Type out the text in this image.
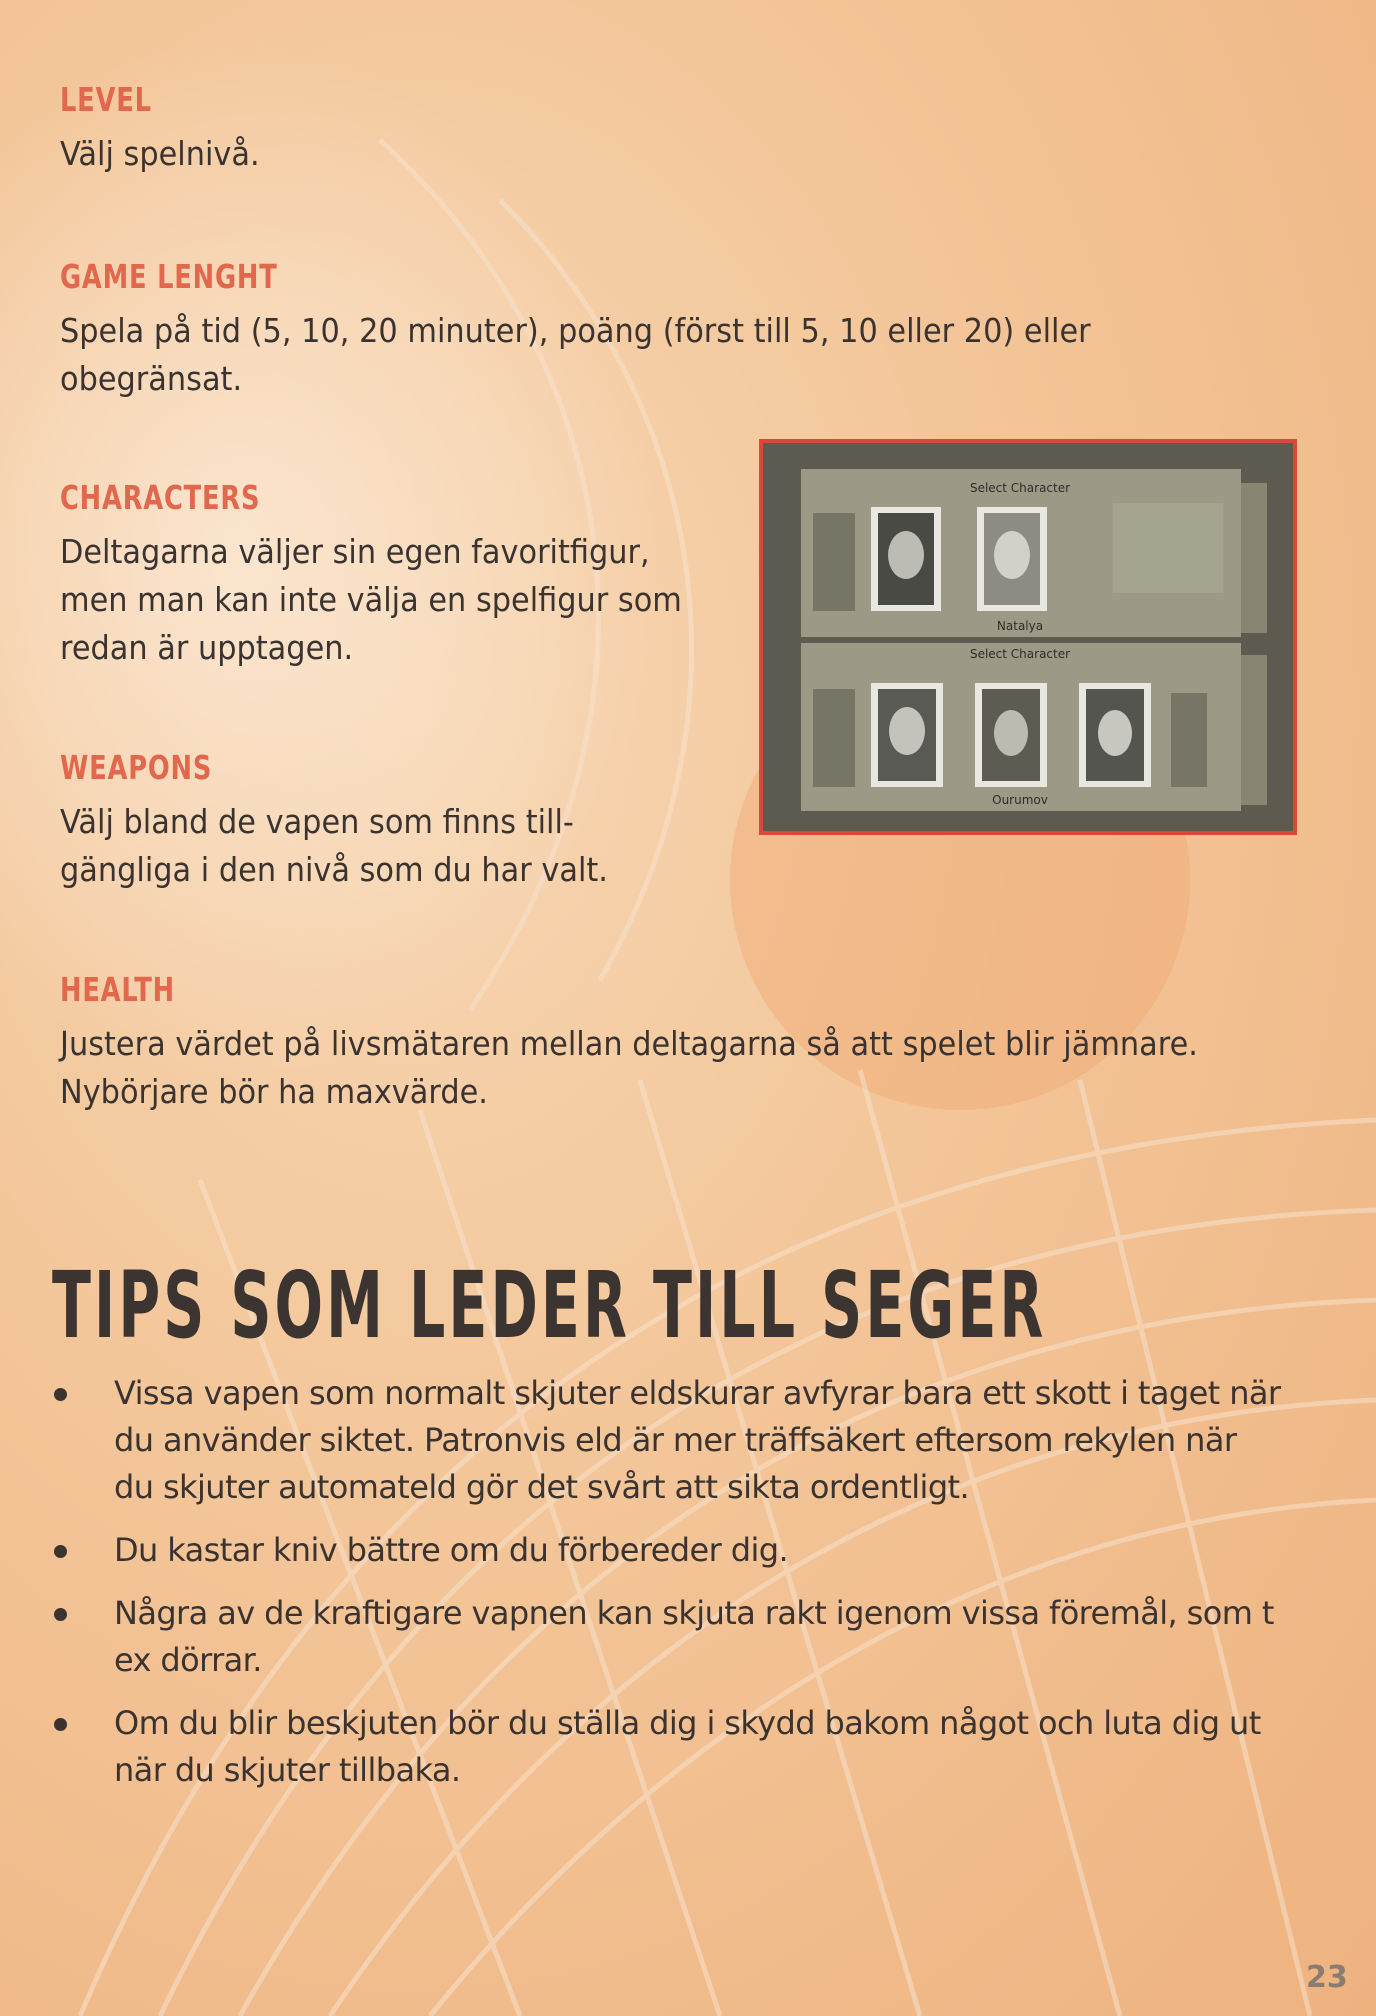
LEVEL
Välj spelnivå.
GAME LENGHT
Spela på tid (5, 10, 20 minuter), poäng (först till 5, 10 eller 20) eller obegränsat.
CHARACTERS
Deltagarna väljer sin egen favoritfigur, men man kan inte välja en spelfigur som redan är upptagen.
WEAPONS
Välj bland de vapen som finns till-gängliga i den nivå som du har valt.
HEALTH
Justera värdet på livsmätaren mellan deltagarna så att spelet blir jämnare. Nybörjare bör ha maxvärde.
Select Character
Natalya
Select Character
Ourumov
TIPS SOM LEDER TILL SEGER
Vissa vapen som normalt skjuter eldskurar avfyrar bara ett skott i taget när du använder siktet. Patronvis eld är mer träffsäkert eftersom rekylen när du skjuter automateld gör det svårt att sikta ordentligt.
Du kastar kniv bättre om du förbereder dig.
Några av de kraftigare vapnen kan skjuta rakt igenom vissa föremål, som t ex dörrar.
Om du blir beskjuten bör du ställa dig i skydd bakom något och luta dig ut när du skjuter tillbaka.
23
